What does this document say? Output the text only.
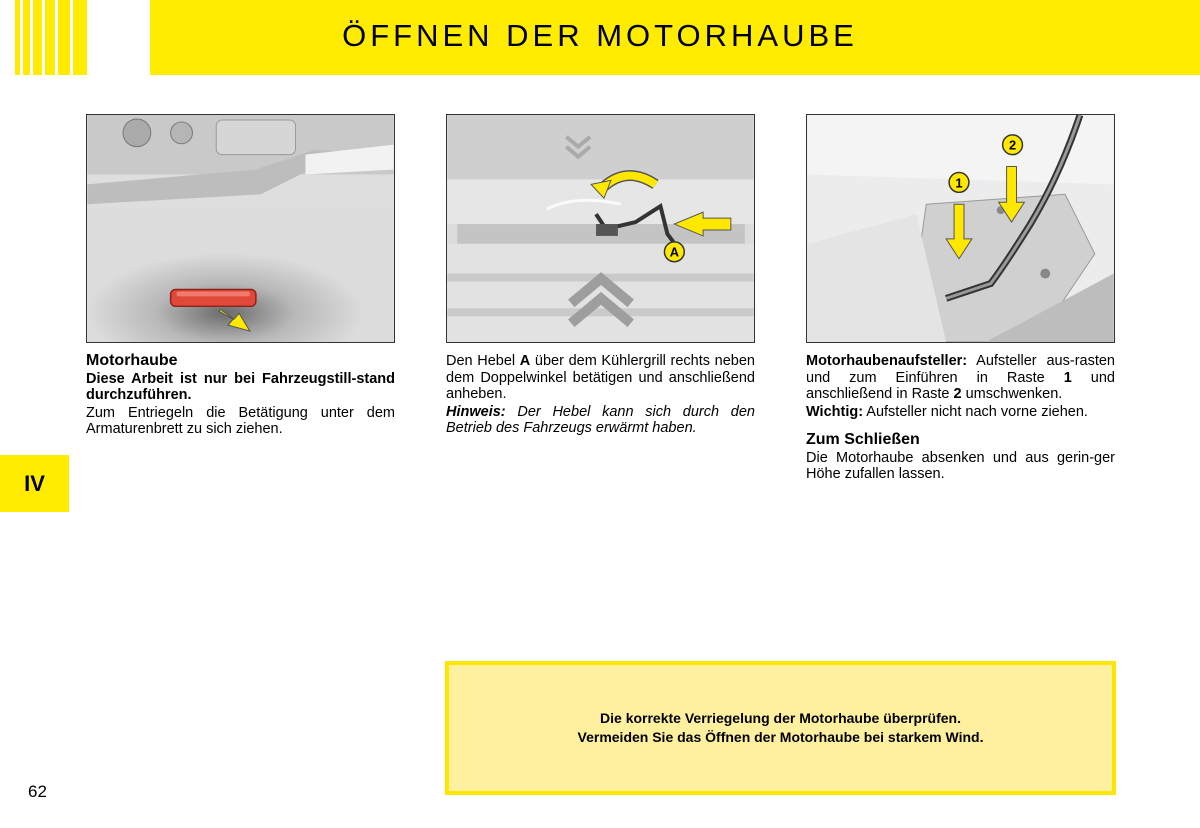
ÖFFNEN DER MOTORHAUBE
IV
A
1
2
Motorhaube

Diese Arbeit ist nur bei Fahrzeugstill-stand durchzuführen.

Zum Entriegeln die Betätigung unter dem Armaturenbrett zu sich ziehen.

Den Hebel A über dem Kühlergrill rechts neben dem Doppelwinkel betätigen und anschließend anheben.

Hinweis: Der Hebel kann sich durch den Betrieb des Fahrzeugs erwärmt haben.

Motorhaubenaufsteller: Aufsteller aus-rasten und zum Einführen in Raste 1 und anschließend in Raste 2 umschwenken.

Wichtig: Aufsteller nicht nach vorne ziehen.

Zum Schließen

Die Motorhaube absenken und aus gerin-ger Höhe zufallen lassen.

Die korrekte Verriegelung der Motorhaube überprüfen.
Vermeiden Sie das Öffnen der Motorhaube bei starkem Wind.
62
